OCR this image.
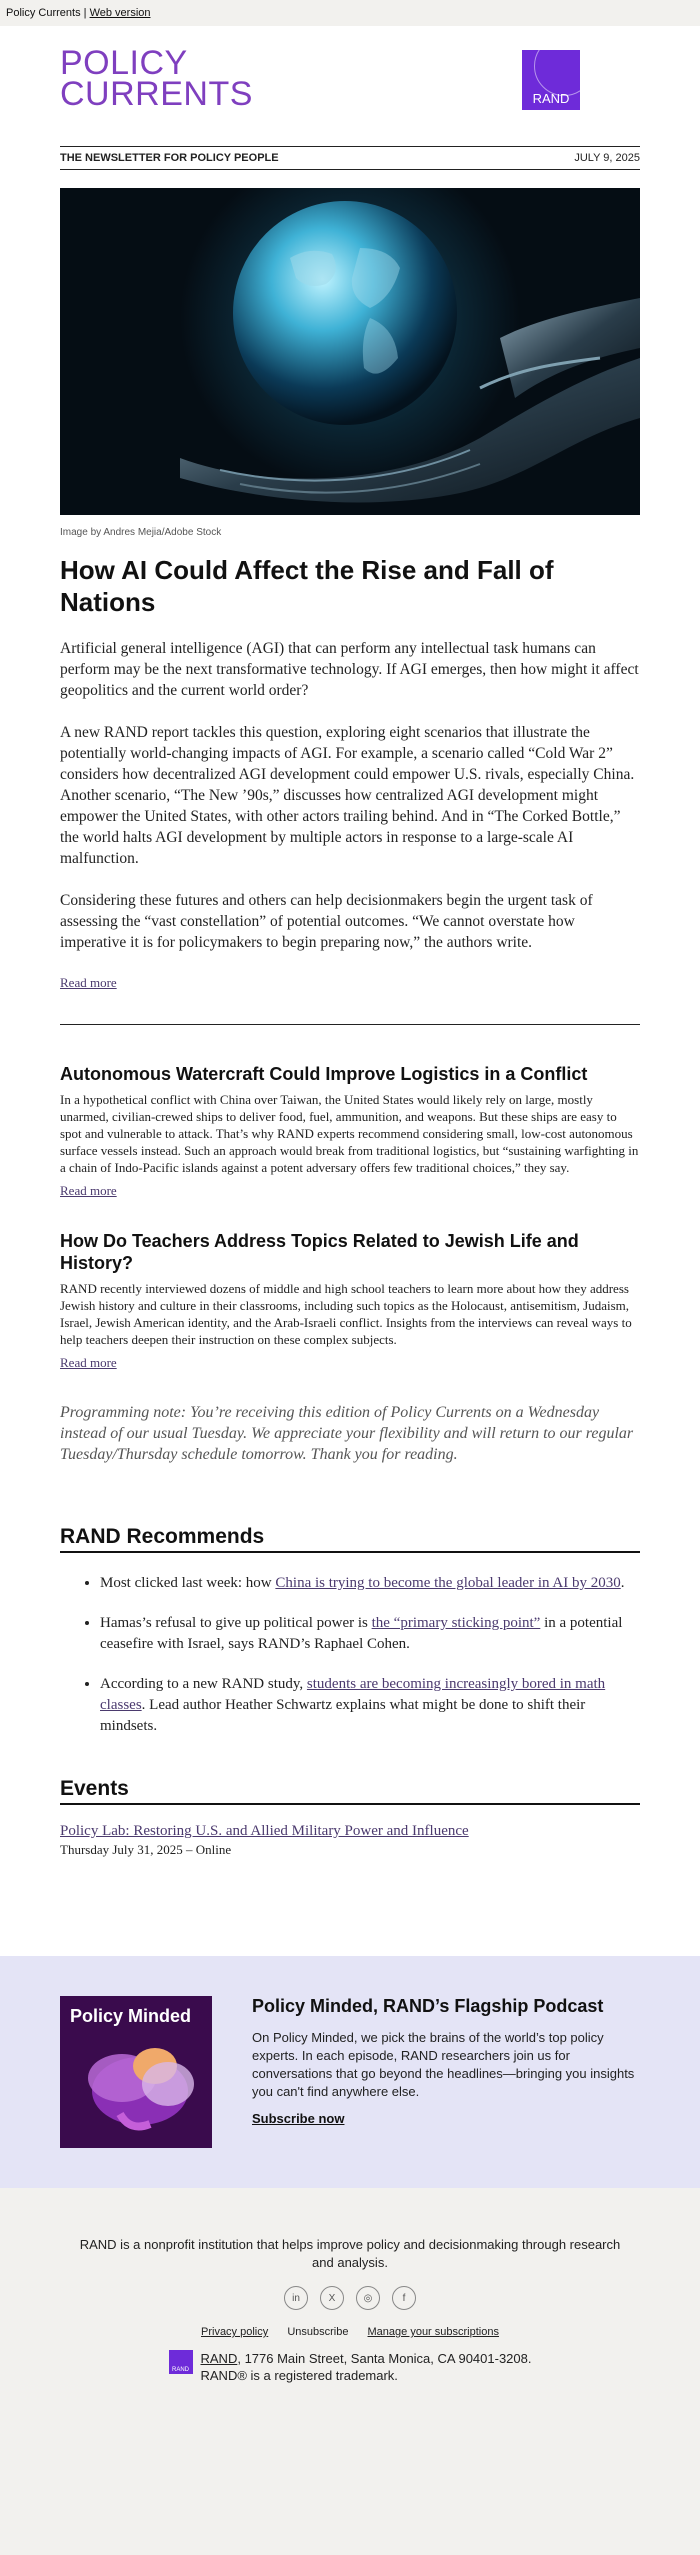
Policy Currents | Web version
POLICY
CURRENTS	RAND
THE NEWSLETTER FOR POLICY PEOPLE	JULY 9, 2025
Image by Andres Mejia/Adobe Stock
How AI Could Affect the Rise and Fall of Nations

Artificial general intelligence (AGI) that can perform any intellectual task humans can perform may be the next transformative technology. If AGI emerges, then how might it affect geopolitics and the current world order?

A new RAND report tackles this question, exploring eight scenarios that illustrate the potentially world-changing impacts of AGI. For example, a scenario called “Cold War 2” considers how decentralized AGI development could empower U.S. rivals, especially China. Another scenario, “The New ’90s,” discusses how centralized AGI development might empower the United States, with other actors trailing behind. And in “The Corked Bottle,” the world halts AGI development by multiple actors in response to a large-scale AI malfunction.

Considering these futures and others can help decisionmakers begin the urgent task of assessing the “vast constellation” of potential outcomes. “We cannot overstate how imperative it is for policymakers to begin preparing now,” the authors write.

Read more
Autonomous Watercraft Could Improve Logistics in a Conflict

In a hypothetical conflict with China over Taiwan, the United States would likely rely on large, mostly unarmed, civilian-crewed ships to deliver food, fuel, ammunition, and weapons. But these ships are easy to spot and vulnerable to attack. That’s why RAND experts recommend considering small, low-cost autonomous surface vessels instead. Such an approach would break from traditional logistics, but “sustaining warfighting in a chain of Indo-Pacific islands against a potent adversary offers few traditional choices,” they say.

Read more
How Do Teachers Address Topics Related to Jewish Life and History?

RAND recently interviewed dozens of middle and high school teachers to learn more about how they address Jewish history and culture in their classrooms, including such topics as the Holocaust, antisemitism, Judaism, Israel, Jewish American identity, and the Arab-Israeli conflict. Insights from the interviews can reveal ways to help teachers deepen their instruction on these complex subjects.

Read more

Programming note: You’re receiving this edition of Policy Currents on a Wednesday instead of our usual Tuesday. We appreciate your flexibility and will return to our regular Tuesday/Thursday schedule tomorrow. Thank you for reading.

RAND Recommends
• Most clicked last week: how China is trying to become the global leader in AI by 2030.
• Hamas’s refusal to give up political power is the “primary sticking point” in a potential ceasefire with Israel, says RAND’s Raphael Cohen.
• According to a new RAND study, students are becoming increasingly bored in math classes. Lead author Heather Schwartz explains what might be done to shift their mindsets.
Events
Policy Lab: Restoring U.S. and Allied Military Power and Influence
Thursday July 31, 2025 – Online
Policy Minded	Policy Minded, RAND’s Flagship Podcast
On Policy Minded, we pick the brains of the world’s top policy experts. In each episode, RAND researchers join us for conversations that go beyond the headlines—bringing you insights you can't find anywhere else.
Subscribe now
RAND is a nonprofit institution that helps improve policy and decisionmaking through research and analysis.
in	X	◎	f
Privacy policy Unsubscribe Manage your subscriptions
RAND
RAND, 1776 Main Street, Santa Monica, CA 90401-3208.
RAND® is a registered trademark.
